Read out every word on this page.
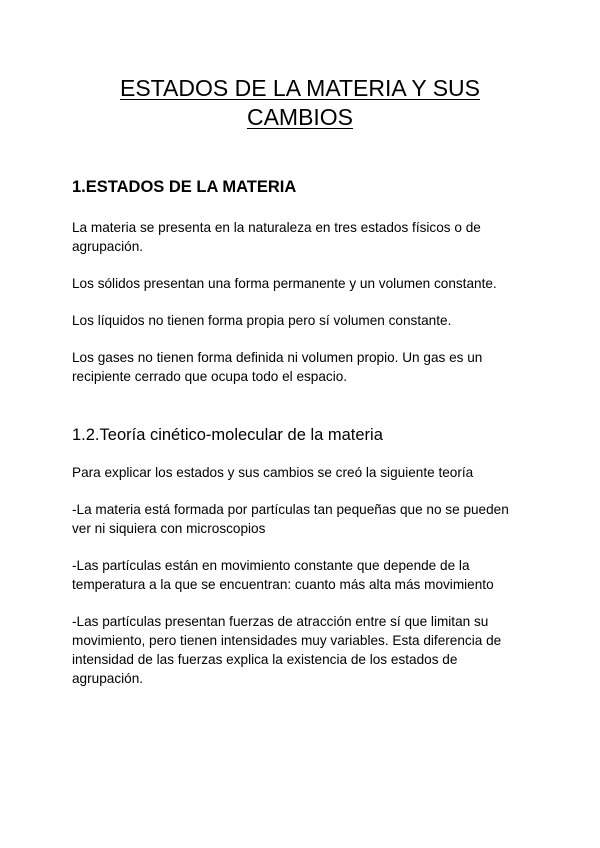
ESTADOS DE LA MATERIA Y SUS
CAMBIOS
1.ESTADOS DE LA MATERIA
La materia se presenta en la naturaleza en tres estados físicos o de
agrupación.
Los sólidos presentan una forma permanente y un volumen constante.
Los líquidos no tienen forma propia pero sí volumen constante.
Los gases no tienen forma definida ni volumen propio. Un gas es un
recipiente cerrado que ocupa todo el espacio.
1.2.Teoría cinético-molecular de la materia
Para explicar los estados y sus cambios se creó la siguiente teoría
-La materia está formada por partículas tan pequeñas que no se pueden
ver ni siquiera con microscopios
-Las partículas están en movimiento constante que depende de la
temperatura a la que se encuentran: cuanto más alta más movimiento
-Las partículas presentan fuerzas de atracción entre sí que limitan su
movimiento, pero tienen intensidades muy variables. Esta diferencia de
intensidad de las fuerzas explica la existencia de los estados de
agrupación.
